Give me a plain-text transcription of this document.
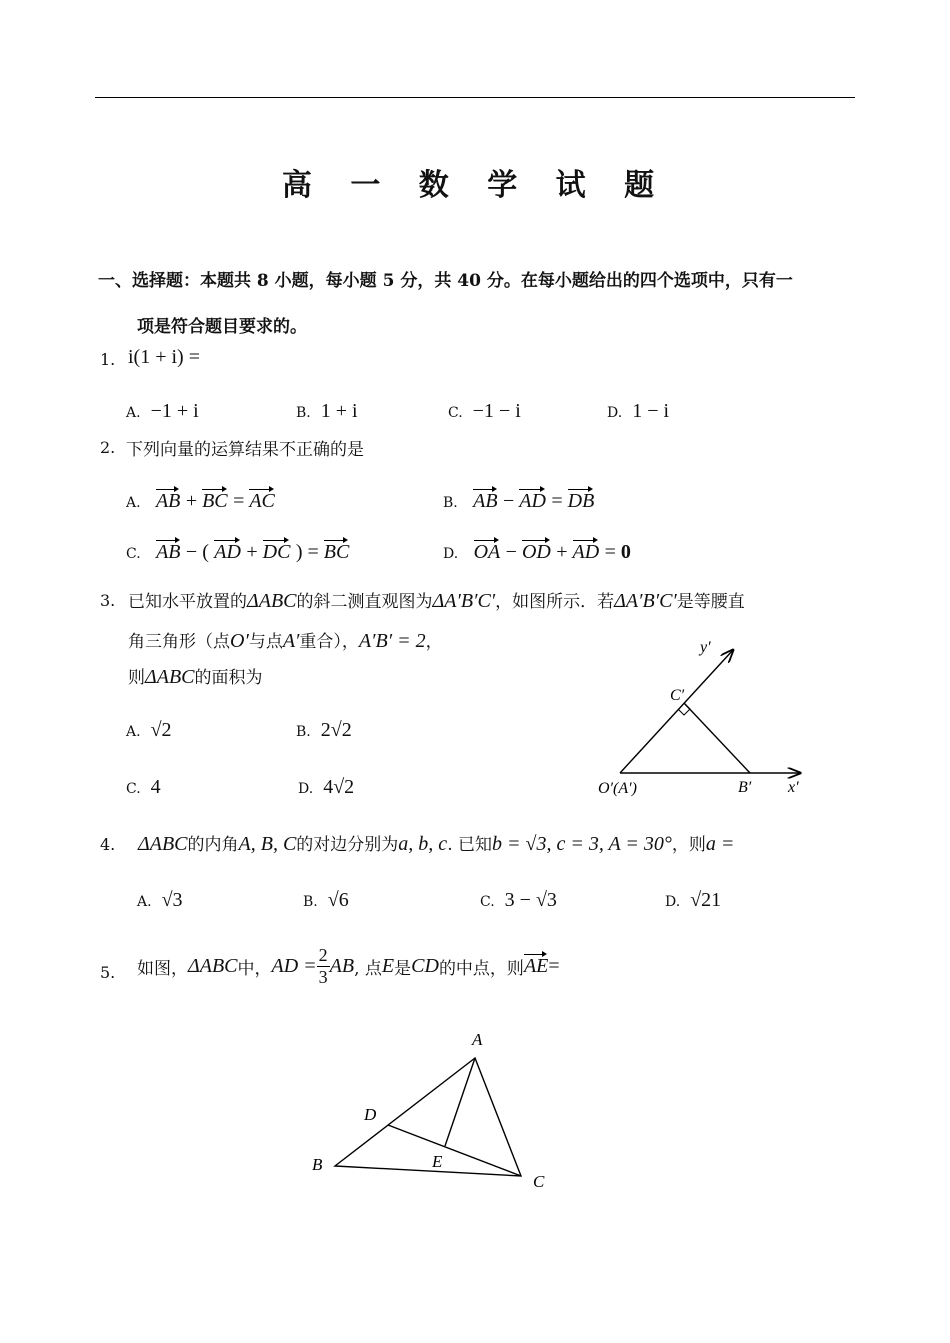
高 一 数 学 试 题
一、选择题：本题共 8 小题，每小题 5 分，共 40 分。在每小题给出的四个选项中，只有一
项是符合题目要求的。
1. i(1 + i) =
A. −1 + i	B. 1 + i	C. −1 − i	D. 1 − i
2. 下列向量的运算结果不正确的是
A. AB + BC = AC	B. AB − AD = DB
C. AB − ( AD + DC ) = BC	D. OA − OD + AD = 0
3. 已知水平放置的ΔABC的斜二测直观图为ΔA′B′C′，如图所示．若ΔA′B′C′是等腰直
角三角形（点O′与点A′重合），A′B′ = 2，
则ΔABC的面积为
A. √2	B. 2√2
C. 4	D. 4√2
y′
C′
O′(A′)	B′ x′
4. ΔABC的内角A, B, C的对边分别为a, b, c. 已知b = √3, c = 3, A = 30°，则a =
A. √3	B. √6	C. 3 − √3	D. √21
5. 如图， ΔABC 中， AD = $\frac{2}{3}$ AB , 点 E 是 CD 的中点，则 AE =
A
D
B	E
C
